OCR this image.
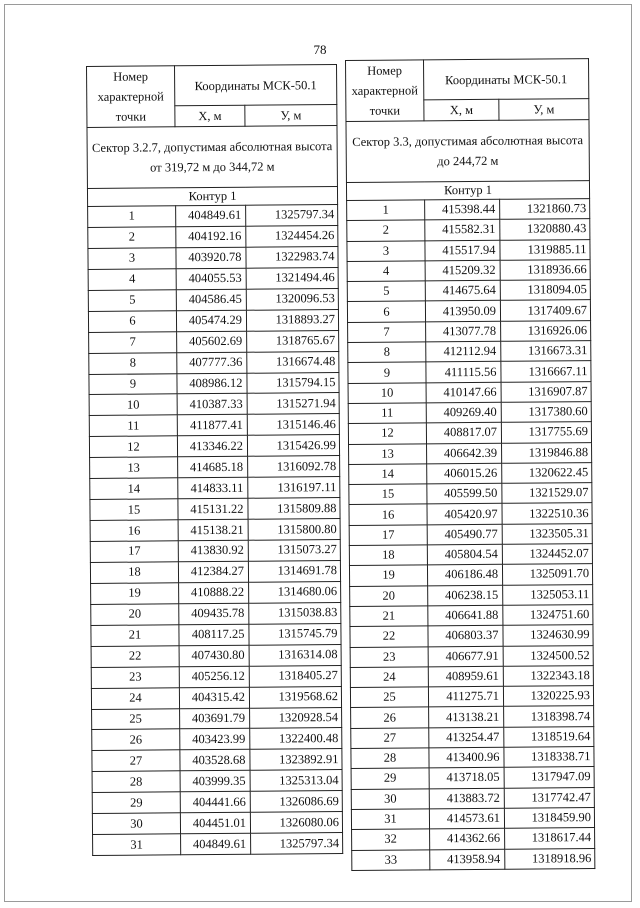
78
Номер характерной точки	Координаты МСК-50.1	
	Х, м	У, м
Сектор 3.2.7, допустимая абсолютная высота от 319,72 м до 344,72 м		
Контур 1		
1	404849.61	1325797.34
2	404192.16	1324454.26
3	403920.78	1322983.74
4	404055.53	1321494.46
5	404586.45	1320096.53
6	405474.29	1318893.27
7	405602.69	1318765.67
8	407777.36	1316674.48
9	408986.12	1315794.15
10	410387.33	1315271.94
11	411877.41	1315146.46
12	413346.22	1315426.99
13	414685.18	1316092.78
14	414833.11	1316197.11
15	415131.22	1315809.88
16	415138.21	1315800.80
17	413830.92	1315073.27
18	412384.27	1314691.78
19	410888.22	1314680.06
20	409435.78	1315038.83
21	408117.25	1315745.79
22	407430.80	1316314.08
23	405256.12	1318405.27
24	404315.42	1319568.62
25	403691.79	1320928.54
26	403423.99	1322400.48
27	403528.68	1323892.91
28	403999.35	1325313.04
29	404441.66	1326086.69
30	404451.01	1326080.06
31	404849.61	1325797.34
Номер характерной точки	Координаты МСК-50.1	
	Х, м	У, м
Сектор 3.3, допустимая абсолютная высота до 244,72 м		
Контур 1		
1	415398.44	1321860.73
2	415582.31	1320880.43
3	415517.94	1319885.11
4	415209.32	1318936.66
5	414675.64	1318094.05
6	413950.09	1317409.67
7	413077.78	1316926.06
8	412112.94	1316673.31
9	411115.56	1316667.11
10	410147.66	1316907.87
11	409269.40	1317380.60
12	408817.07	1317755.69
13	406642.39	1319846.88
14	406015.26	1320622.45
15	405599.50	1321529.07
16	405420.97	1322510.36
17	405490.77	1323505.31
18	405804.54	1324452.07
19	406186.48	1325091.70
20	406238.15	1325053.11
21	406641.88	1324751.60
22	406803.37	1324630.99
23	406677.91	1324500.52
24	408959.61	1322343.18
25	411275.71	1320225.93
26	413138.21	1318398.74
27	413254.47	1318519.64
28	413400.96	1318338.71
29	413718.05	1317947.09
30	413883.72	1317742.47
31	414573.61	1318459.90
32	414362.66	1318617.44
33	413958.94	1318918.96
